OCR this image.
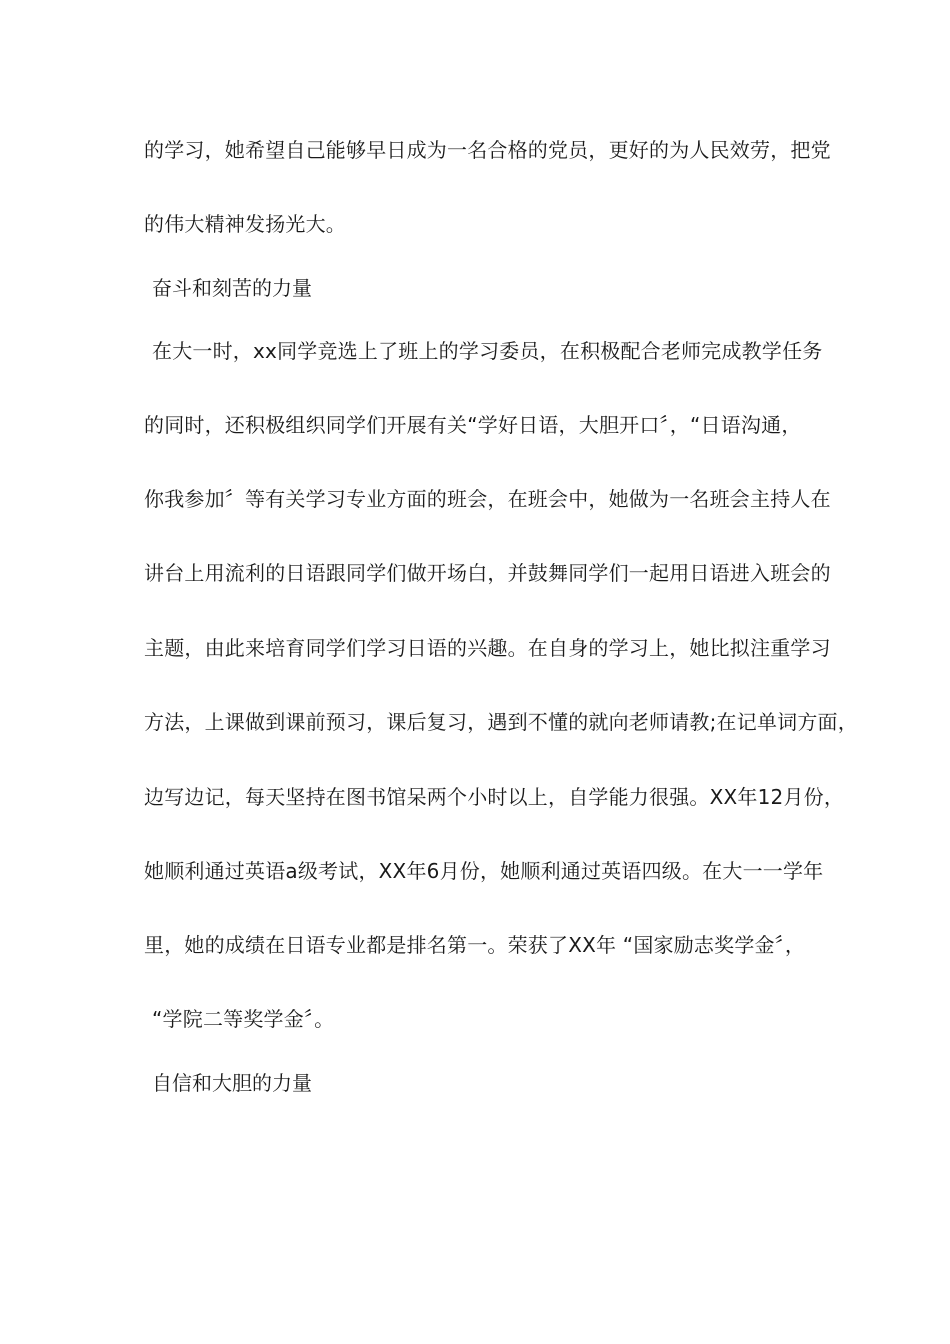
的学习，她希望自己能够早日成为一名合格的党员，更好的为人民效劳，把党
的伟大精神发扬光大。
奋斗和刻苦的力量
在大一时，xx同学竞选上了班上的学习委员，在积极配合老师完成教学任务
的同时，还积极组织同学们开展有关“学好日语，大胆开口〞，“日语沟通，
你我参加〞等有关学习专业方面的班会，在班会中，她做为一名班会主持人在
讲台上用流利的日语跟同学们做开场白，并鼓舞同学们一起用日语进入班会的
主题，由此来培育同学们学习日语的兴趣。在自身的学习上，她比拟注重学习
方法，上课做到课前预习，课后复习，遇到不懂的就向老师请教;在记单词方面，
边写边记，每天坚持在图书馆呆两个小时以上，自学能力很强。XX年12月份，
她顺利通过英语a级考试，XX年6月份，她顺利通过英语四级。在大一一学年
里，她的成绩在日语专业都是排名第一。荣获了XX年 “国家励志奖学金〞，
“学院二等奖学金〞。
自信和大胆的力量
